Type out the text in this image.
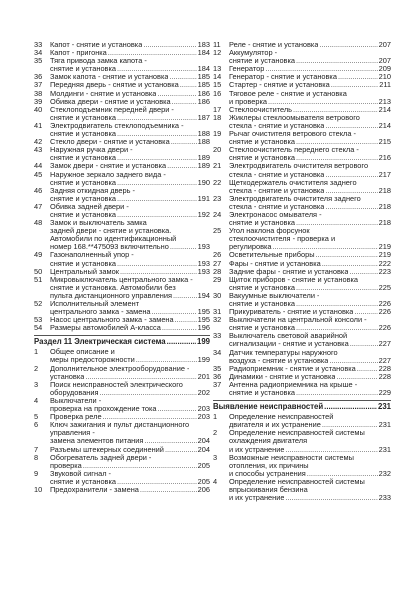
33	Капот - снятие и установка .....	183
34	Капот - пригонка .....	184
35	Тяга привода замка капота -
снятие и установка .....	184
36	Замок капота - снятие и установка .....	185
37	Передняя дверь - снятие и установка .....	185
38	Молдинги - снятие и установка .....	186
39	Обивка двери - снятие и установка .....	186
40	Стеклоподъемник передней двери -
снятие и установка .....	187
41	Электродвигатель стеклоподъемника -
снятие и установка .....	188
42	Стекло двери - снятие и установка .....	188
43	Наружная ручка двери -
снятие и установка .....	189
44	Замок двери - снятие и установка .....	189
45	Наружное зеркало заднего вида -
снятие и установка .....	190
46	Задняя откидная дверь -
снятие и установка .....	191
47	Обивка задней двери -
снятие и установка .....	192
48	Замок и выключатель замка
задней двери - снятие и установка.
Автомобили по идентификационный
номер 168.**475093 включительно .....	193
49	Газонаполненный упор -
снятие и установка .....	193
50	Центральный замок .....	193
51	Микровыключатель центрального замка -
снятие и установка. Автомобили без
пульта дистанционного управления .....	194
52	Исполнительный элемент
центрального замка - замена .....	195
53	Насос центрального замка - замена .....	195
54	Размеры автомобилей А-класса .....	196
Раздел 11 Электрическая система .....	199
1	Общее описание и
меры предосторожности .....	199
2	Дополнительное электрооборудование -
установка .....	201
3	Поиск неисправностей электрического
оборудования .....	202
4	Выключатели -
проверка на прохождение тока .....	203
5	Проверка реле .....	203
6	Ключ зажигания и пульт дистанционного
управления -
замена элементов питания .....	204
7	Разъемы штекерных соединений .....	204
8	Обогреватель задней двери -
проверка .....	205
9	Звуковой сигнал -
снятие и установка .....	205
10	Предохранители - замена .....	206
11	Реле - снятие и установка .....	207
12	Аккумулятор -
снятие и установка .....	207
13	Генератор .....	209
14	Генератор - снятие и установка .....	210
15	Стартер - снятие и установка .....	211
16	Тяговое реле - снятие и установка
и проверка .....	213
17	Стеклоочиститель .....	214
18	Жиклеры стеклоомывателя ветрового
стекла - снятие и установка .....	214
19	Рычаг очистителя ветрового стекла -
снятие и установка .....	215
20	Стеклоочиститель переднего стекла -
снятие и установка .....	216
21	Электродвигатель очистителя ветрового
стекла - снятие и установка .....	217
22	Щеткодержатель очистителя заднего
стекла - снятие и установка .....	218
23	Электродвигатель очистителя заднего
стекла - снятие и установка .....	218
24	Электронасос омывателя -
снятие и установка .....	218
25	Угол наклона форсунок
стеклоочистителя - проверка и
регулировка .....	219
26	Осветительные приборы .....	219
27	Фары - снятие и установка .....	222
28	Задние фары - снятие и установка .....	223
29	Щиток приборов - снятие и установка
снятие и установка .....	225
30	Вакуумные выключатели -
снятие и установка .....	226
31	Прикуриватель - снятие и установка .....	226
32	Выключатели на центральной консоли -
снятие и установка .....	226
33	Выключатель световой аварийной
сигнализации - снятие и установка .....	227
34	Датчик температуры наружного
воздуха - снятие и установка .....	227
35	Радиоприемник - снятие и установка .....	228
36	Динамики - снятие и установка .....	228
37	Антенна радиоприемника на крыше -
снятие и установка .....	229
Выявление неисправностей .....	231
1	Определение неисправностей
двигателя и их устранение .....	231
2	Определение неисправностей системы
охлаждения двигателя
и их устранение .....	231
3	Возможные неисправности системы
отопления, их причины
и способы устранения .....	232
4	Определение неисправностей системы
впрыскивания бензина
и их устранение .....	233
